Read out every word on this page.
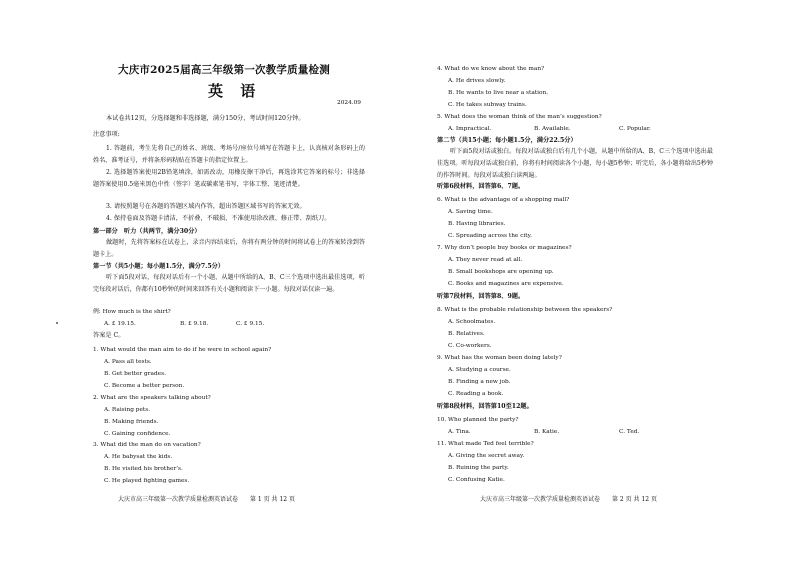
大庆市2025届高三年级第一次教学质量检测
英 语
2024.09
本试卷共12页，分选择题和非选择题，满分150分，考试时间120分钟。
注意事项:
1. 答题前，考生先将自己的姓名、班级、考场号/座位号填写在答题卡上，认真核对条形码上的姓名、准考证号，并将条形码粘贴在答题卡的指定位置上。
2. 选择题答案使用2B铅笔填涂，如需改动，用橡皮擦干净后，再选涂其它答案的标号；非选择题答案使用0.5毫米黑色中性（签字）笔或碳素笔书写，字体工整、笔迹清楚。
3. 请按照题号在各题的答题区域内作答，超出答题区域书写的答案无效。
4. 保持卷面及答题卡清洁，不折叠，不破损，不准使用涂改液、修正带、刮纸刀。
第一部分　听力（共两节，满分30分）
做题时，先将答案标在试卷上，录音内容结束后，你将有两分钟的时间将试卷上的答案转涂到答题卡上。
第一节（共5小题；每小题1.5分，满分7.5分）
听下面5段对话，每段对话后有一个小题，从题中所给的A、B、C三个选项中选出最佳选项，听完每段对话后，你都有10秒钟的时间来回答有关小题和阅读下一小题。每段对话仅读一遍。
例: How much is the shirt?
A. £ 19.15.	B. £ 9.18.	C. £ 9.15.
答案是 C。
1. What would the man aim to do if he were in school again?
A. Pass all tests.
B. Get better grades.
C. Become a better person.
2. What are the speakers talking about?
A. Raising pets.
B. Making friends.
C. Gaining confidence.
3. What did the man do on vacation?
A. He babysat the kids.
B. He visited his brother’s.
C. He played fighting games.
大庆市高三年级第一次教学质量检测英语试卷　　第 1 页 共 12 页
4. What do we know about the man?
A. He drives slowly.
B. He wants to live near a station.
C. He takes subway trains.
5. What does the woman think of the man’s suggestion?
A. Impractical.	B. Available.	C. Popular.
第二节（共15小题；每小题1.5分，满分22.5分）
听下面5段对话或独白。每段对话或独白后有几个小题，从题中所给的A、B、C三个选项中选出最佳选项。听每段对话或独白前，你将有时间阅读各个小题，每小题5秒钟；听完后，各小题将给出5秒钟的作答时间。每段对话或独白读两遍。
听第6段材料，回答第6、7题。
6. What is the advantage of a shopping mall?
A. Saving time.
B. Having libraries.
C. Spreading across the city.
7. Why don’t people buy books or magazines?
A. They never read at all.
B. Small bookshops are opening up.
C. Books and magazines are expensive.
听第7段材料，回答第8、9题。
8. What is the probable relationship between the speakers?
A. Schoolmates.
B. Relatives.
C. Co-workers.
9. What has the woman been doing lately?
A. Studying a course.
B. Finding a new job.
C. Reading a book.
听第8段材料，回答第10至12题。
10. Who planned the party?
A. Tina.	B. Katie.	C. Ted.
11. What made Ted feel terrible?
A. Giving the secret away.
B. Ruining the party.
C. Confusing Katie.
大庆市高三年级第一次教学质量检测英语试卷　　第 2 页 共 12 页
